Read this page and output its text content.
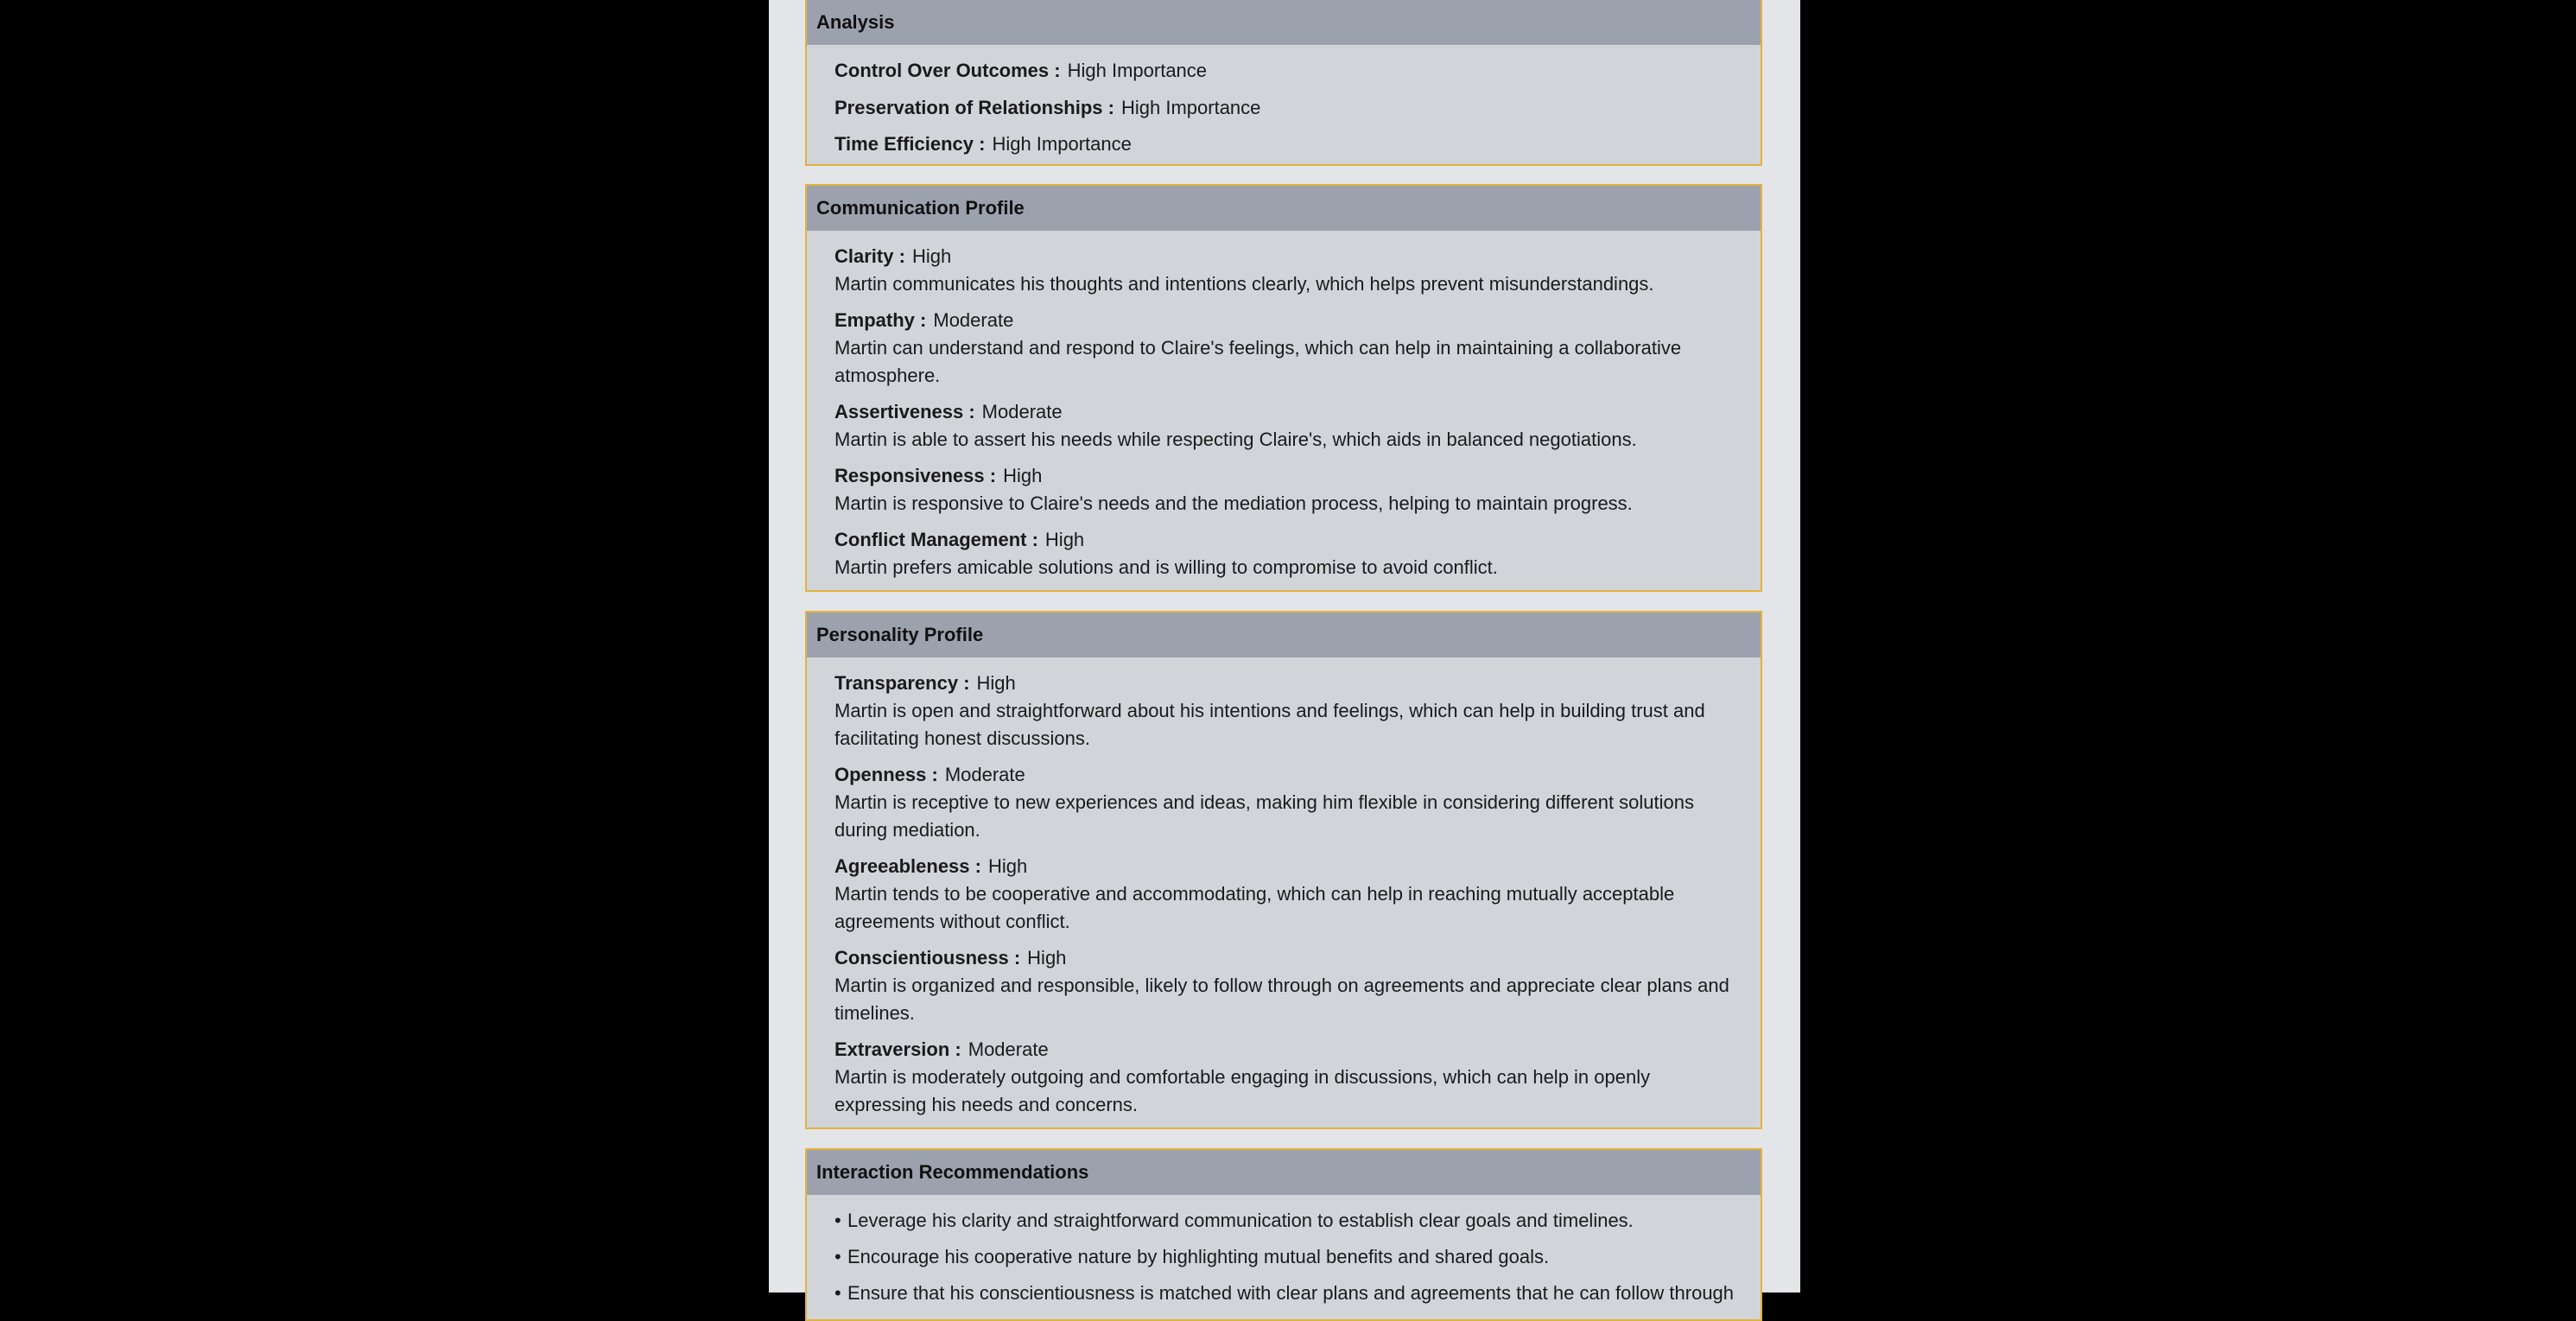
Analysis
Control Over Outcomes : High Importance
Preservation of Relationships : High Importance
Time Efficiency : High Importance
Communication Profile
Clarity : High
Martin communicates his thoughts and intentions clearly, which helps prevent misunderstandings.
Empathy : Moderate
Martin can understand and respond to Claire's feelings, which can help in maintaining a collaborative atmosphere.
Assertiveness : Moderate
Martin is able to assert his needs while respecting Claire's, which aids in balanced negotiations.
Responsiveness : High
Martin is responsive to Claire's needs and the mediation process, helping to maintain progress.
Conflict Management : High
Martin prefers amicable solutions and is willing to compromise to avoid conflict.
Personality Profile
Transparency : High
Martin is open and straightforward about his intentions and feelings, which can help in building trust and facilitating honest discussions.
Openness : Moderate
Martin is receptive to new experiences and ideas, making him flexible in considering different solutions during mediation.
Agreeableness : High
Martin tends to be cooperative and accommodating, which can help in reaching mutually acceptable agreements without conflict.
Conscientiousness : High
Martin is organized and responsible, likely to follow through on agreements and appreciate clear plans and timelines.
Extraversion : Moderate
Martin is moderately outgoing and comfortable engaging in discussions, which can help in openly expressing his needs and concerns.
Interaction Recommendations
• Leverage his clarity and straightforward communication to establish clear goals and timelines.
• Encourage his cooperative nature by highlighting mutual benefits and shared goals.
• Ensure that his conscientiousness is matched with clear plans and agreements that he can follow through
